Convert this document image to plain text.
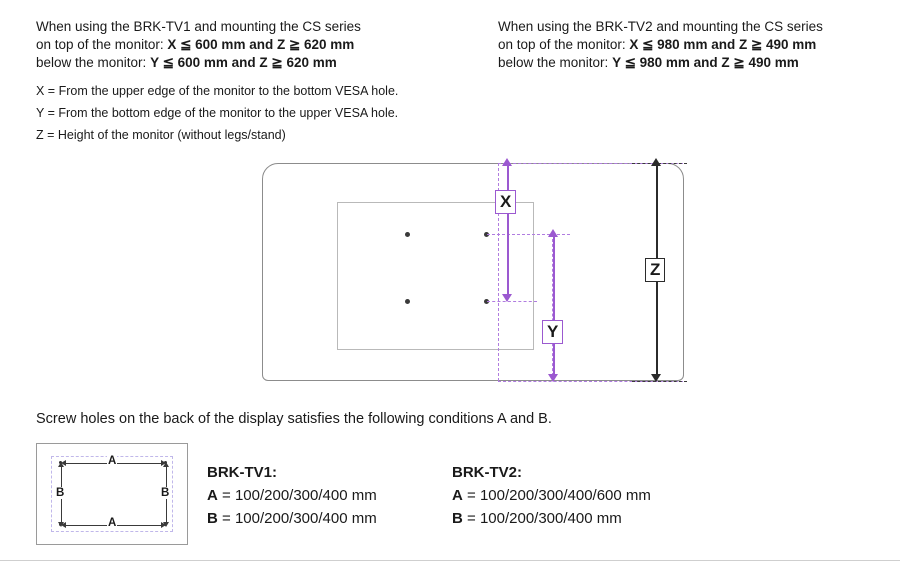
When using the BRK-TV1 and mounting the CS series
on top of the monitor: X ≦ 600 mm and Z ≧ 620 mm
below the monitor: Y ≦ 600 mm and Z ≧ 620 mm
When using the BRK-TV2 and mounting the CS series
on top of the monitor: X ≦ 980 mm and Z ≧ 490 mm
below the monitor: Y ≦ 980 mm and Z ≧ 490 mm
X = From the upper edge of the monitor to the bottom VESA hole.
Y = From the bottom edge of the monitor to the upper VESA hole.
Z = Height of the monitor (without legs/stand)
X
Y
Z
Screw holes on the back of the display satisfies the following conditions A and B.
A
A
B	B
BRK-TV1:
A = 100/200/300/400 mm
B = 100/200/300/400 mm
BRK-TV2:
A = 100/200/300/400/600 mm
B = 100/200/300/400 mm
